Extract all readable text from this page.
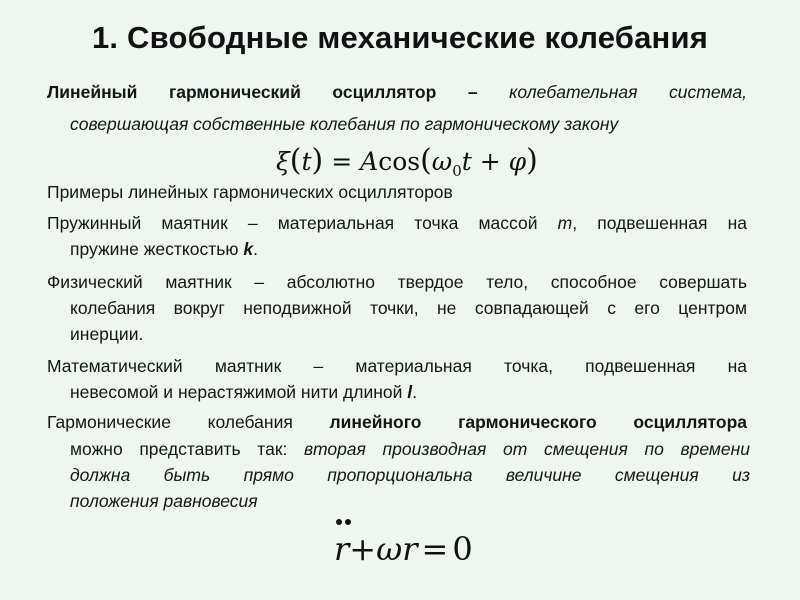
1. Свободные механические колебания
Линейный гармонический осциллятор – колебательная система,
совершающая собственные колебания по гармоническому закону
$\xi(t) = Acos(\omega_0t + \varphi)$
Примеры линейных гармонических осцилляторов
Пружинный маятник – материальная точка массой m, подвешенная на
пружине жесткостью k.
Физический маятник – абсолютно твердое тело, способное совершать
колебания вокруг неподвижной точки, не совпадающей с его центром
инерции.
Математический маятник – материальная точка, подвешенная на
невесомой и нерастяжимой нити длиной l.
Гармонические колебания линейного гармонического осциллятора
можно представить так: вторая производная от смещения по времени
должна быть прямо пропорциональна величине смещения из
положения равновесия
r+ωr = 0
